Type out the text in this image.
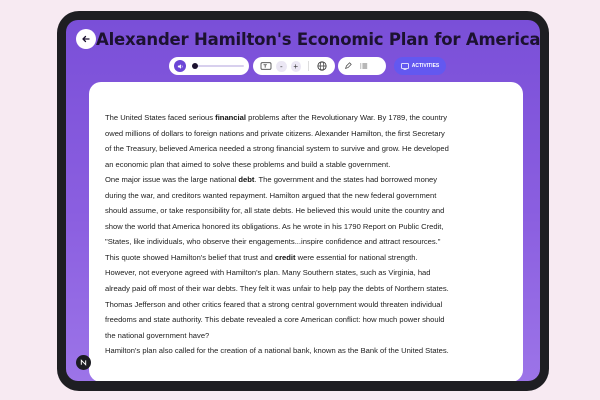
Alexander Hamilton's Economic Plan for America
-	+	ACTIVITIES
The United States faced serious financial problems after the Revolutionary War. By 1789, the country
owed millions of dollars to foreign nations and private citizens. Alexander Hamilton, the first Secretary
of the Treasury, believed America needed a strong financial system to survive and grow. He developed
an economic plan that aimed to solve these problems and build a stable government.
One major issue was the large national debt. The government and the states had borrowed money
during the war, and creditors wanted repayment. Hamilton argued that the new federal government
should assume, or take responsibility for, all state debts. He believed this would unite the country and
show the world that America honored its obligations. As he wrote in his 1790 Report on Public Credit,
"States, like individuals, who observe their engagements...inspire confidence and attract resources."
This quote showed Hamilton's belief that trust and credit were essential for national strength.
However, not everyone agreed with Hamilton's plan. Many Southern states, such as Virginia, had
already paid off most of their war debts. They felt it was unfair to help pay the debts of Northern states.
Thomas Jefferson and other critics feared that a strong central government would threaten individual
freedoms and state authority. This debate revealed a core American conflict: how much power should
the national government have?
Hamilton's plan also called for the creation of a national bank, known as the Bank of the United States.
